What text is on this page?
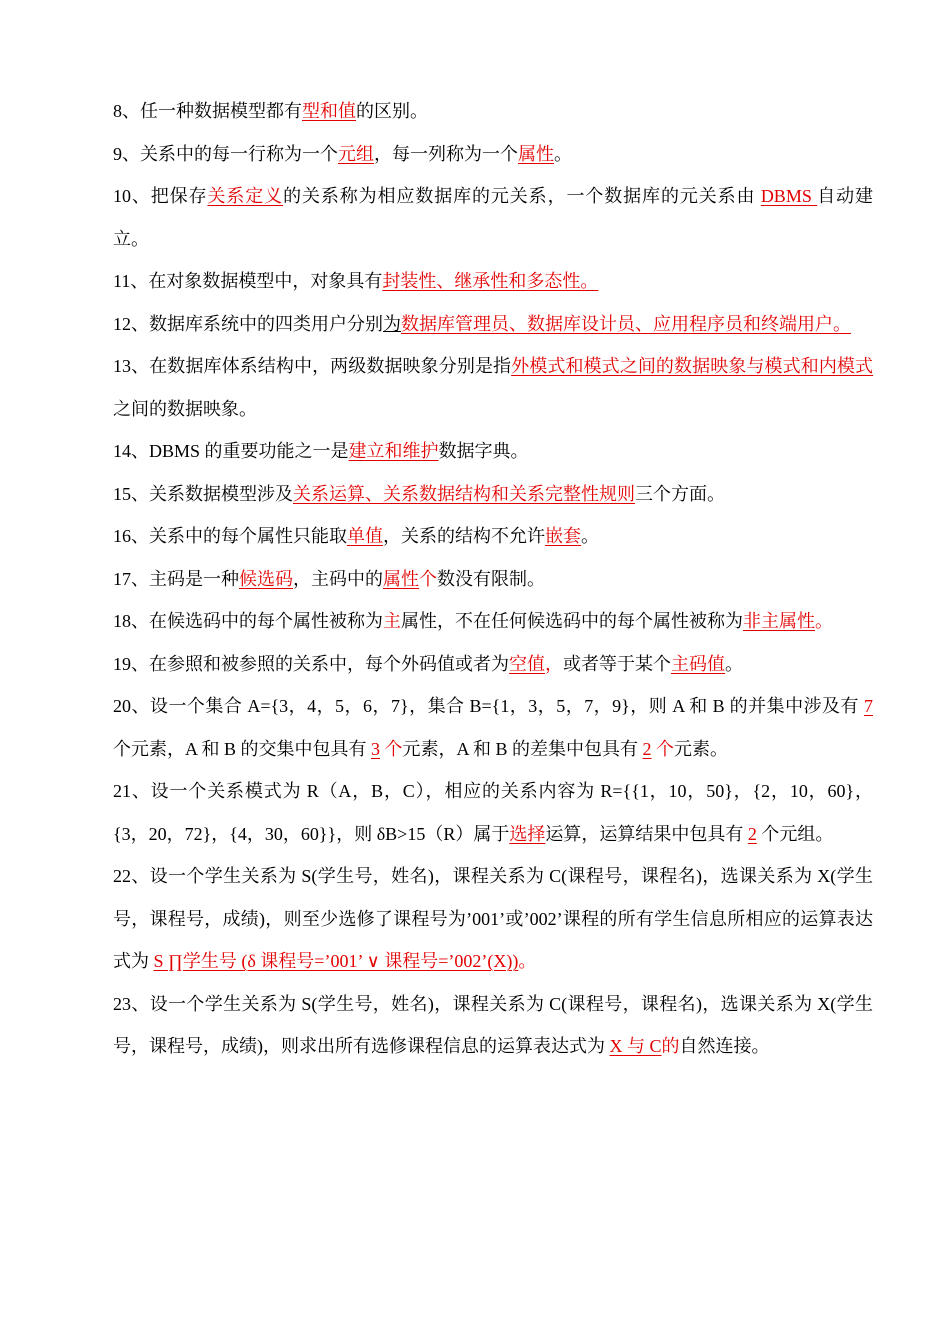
8、任一种数据模型都有型和值的区别。

9、关系中的每一行称为一个元组，每一列称为一个属性。

10、把保存关系定义的关系称为相应数据库的元关系，一个数据库的元关系由 DBMS 自动建立。

11、在对象数据模型中，对象具有封装性、继承性和多态性。

12、数据库系统中的四类用户分别为数据库管理员、数据库设计员、应用程序员和终端用户。

13、在数据库体系结构中，两级数据映象分别是指外模式和模式之间的数据映象与模式和内模式之间的数据映象。

14、DBMS 的重要功能之一是建立和维护数据字典。

15、关系数据模型涉及关系运算、关系数据结构和关系完整性规则三个方面。

16、关系中的每个属性只能取单值，关系的结构不允许嵌套。

17、主码是一种候选码，主码中的属性个数没有限制。

18、在候选码中的每个属性被称为主属性，不在任何候选码中的每个属性被称为非主属性。

19、在参照和被参照的关系中，每个外码值或者为空值，或者等于某个主码值。

20、设一个集合 A={3，4，5，6，7}，集合 B={1，3，5，7，9}，则 A 和 B 的并集中涉及有 7 个元素，A 和 B 的交集中包具有 3 个元素，A 和 B 的差集中包具有 2 个元素。

21、设一个关系模式为 R（A，B，C），相应的关系内容为 R={{1，10，50}，{2，10，60}，{3，20，72}，{4，30，60}}，则 δB>15（R）属于选择运算，运算结果中包具有 2 个元组。

22、设一个学生关系为 S(学生号，姓名)，课程关系为 C(课程号，课程名)，选课关系为 X(学生号，课程号，成绩)，则至少选修了课程号为’001’或’002’课程的所有学生信息所相应的运算表达式为 S ∏学生号 (δ 课程号=’001’ ∨ 课程号=’002’(X))。

23、设一个学生关系为 S(学生号，姓名)，课程关系为 C(课程号，课程名)，选课关系为 X(学生号，课程号，成绩)，则求出所有选修课程信息的运算表达式为 X 与 C的自然连接。
